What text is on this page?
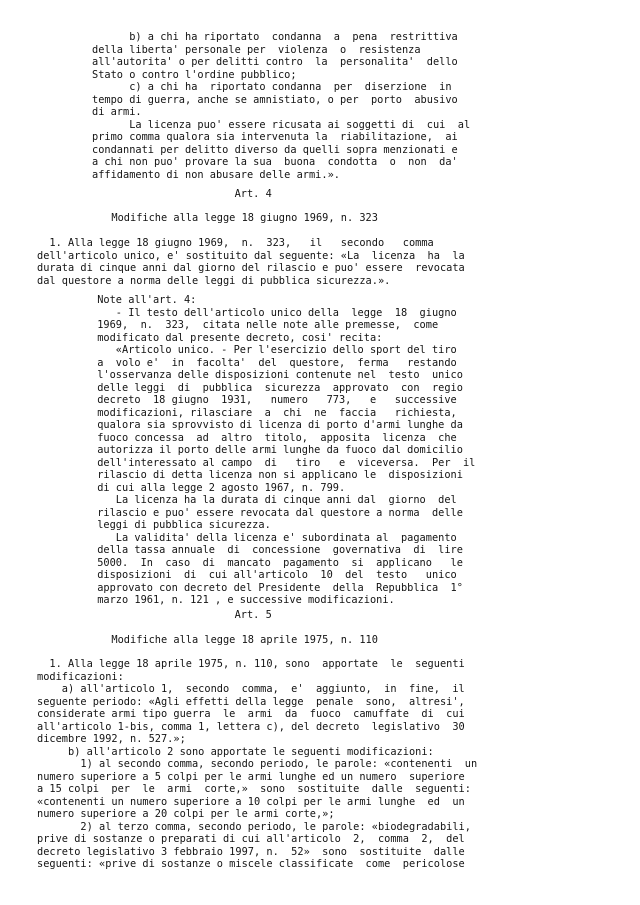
b) a chi ha riportato  condanna  a  pena  restrittiva
della liberta' personale per  violenza  o  resistenza
all'autorita' o per delitti contro  la  personalita'  dello
Stato o contro l'ordine pubblico;
c) a chi ha  riportato condanna  per  diserzione  in
tempo di guerra, anche se amnistiato, o per  porto  abusivo
di armi.
La licenza puo' essere ricusata ai soggetti di  cui  al
primo comma qualora sia intervenuta la  riabilitazione,  ai
condannati per delitto diverso da quelli sopra menzionati e
a chi non puo' provare la sua  buona  condotta  o  non  da'
affidamento di non abusare delle armi.».
Art. 4
Modifiche alla legge 18 giugno 1969, n. 323
1. Alla legge 18 giugno 1969,  n.  323,   il   secondo   comma
dell'articolo unico, e' sostituito dal seguente: «La  licenza  ha  la
durata di cinque anni dal giorno del rilascio e puo' essere  revocata
dal questore a norma delle leggi di pubblica sicurezza.».
Note all'art. 4:
- Il testo dell'articolo unico della  legge  18  giugno
1969,  n.  323,  citata nelle note alle premesse,  come
modificato dal presente decreto, cosi' recita:
«Articolo unico. - Per l'esercizio dello sport del tiro
a  volo e'  in  facolta'  del  questore,  ferma   restando
l'osservanza delle disposizioni contenute nel  testo  unico
delle leggi  di  pubblica  sicurezza  approvato  con  regio
decreto  18 giugno  1931,   numero   773,   e   successive
modificazioni, rilasciare  a  chi  ne  faccia   richiesta,
qualora sia sprovvisto di licenza di porto d'armi lunghe da
fuoco concessa  ad  altro  titolo,  apposita  licenza  che
autorizza il porto delle armi lunghe da fuoco dal domicilio
dell'interessato al campo  di   tiro   e  viceversa.  Per  il
rilascio di detta licenza non si applicano le  disposizioni
di cui alla legge 2 agosto 1967, n. 799.
La licenza ha la durata di cinque anni dal  giorno  del
rilascio e puo' essere revocata dal questore a norma  delle
leggi di pubblica sicurezza.
La validita' della licenza e' subordinata al  pagamento
della tassa annuale  di  concessione  governativa  di  lire
5000.  In  caso  di  mancato  pagamento  si  applicano   le
disposizioni  di  cui all'articolo  10  del  testo   unico
approvato con decreto del Presidente  della  Repubblica  1°
marzo 1961, n. 121 , e successive modificazioni.
Art. 5
Modifiche alla legge 18 aprile 1975, n. 110
1. Alla legge 18 aprile 1975, n. 110, sono  apportate  le  seguenti
modificazioni:
a) all'articolo 1,  secondo  comma,  e'  aggiunto,  in  fine,  il
seguente periodo: «Agli effetti della legge  penale  sono,  altresi',
considerate armi tipo guerra  le  armi  da  fuoco  camuffate  di  cui
all'articolo 1-bis, comma 1, lettera c), del decreto  legislativo  30
dicembre 1992, n. 527.»;
b) all'articolo 2 sono apportate le seguenti modificazioni:
1) al secondo comma, secondo periodo, le parole: «contenenti  un
numero superiore a 5 colpi per le armi lunghe ed un numero  superiore
a 15 colpi  per  le  armi  corte,»  sono  sostituite  dalle  seguenti:
«contenenti un numero superiore a 10 colpi per le armi lunghe  ed  un
numero superiore a 20 colpi per le armi corte,»;
2) al terzo comma, secondo periodo, le parole: «biodegradabili,
prive di sostanze o preparati di cui all'articolo  2,  comma  2,  del
decreto legislativo 3 febbraio 1997, n.  52»  sono  sostituite  dalle
seguenti: «prive di sostanze o miscele classificate  come  pericolose
